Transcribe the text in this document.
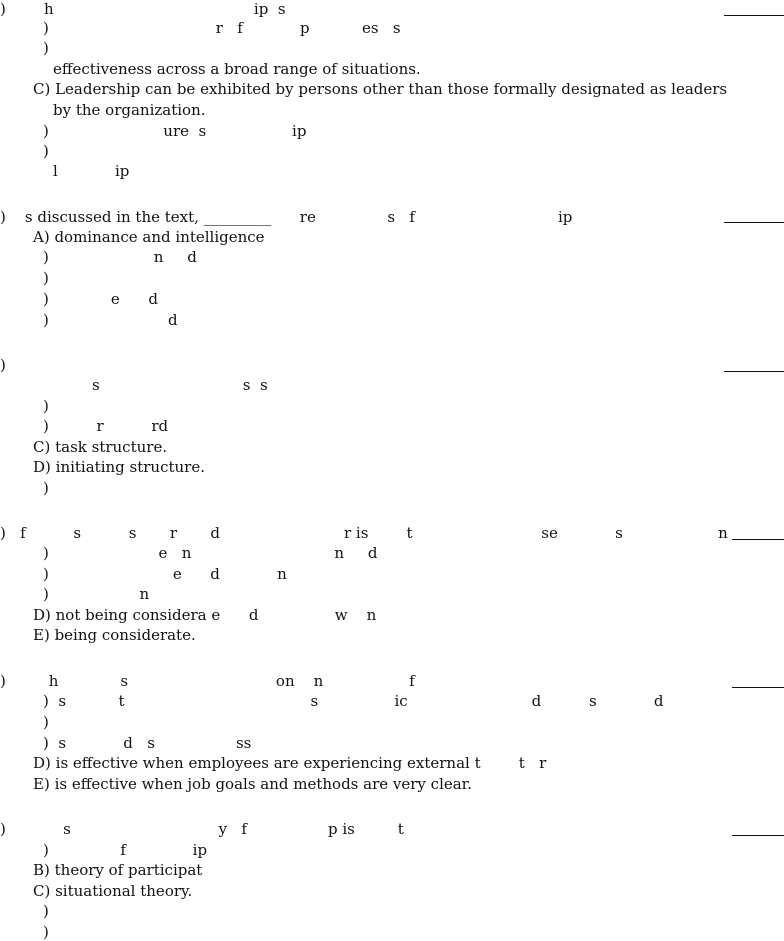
)        h                                          ip  s
)                                   r   f            p           es   s
)
effectiveness across a broad range of situations.
C) Leadership can be exhibited by persons other than those formally designated as leaders
by the organization.
)                        ure  s                  ip
)
l            ip
)    s discussed in the text, _________      re               s   f                              ip
A) dominance and intelligence
)                      n     d
)
)             e      d
)                         d
)
s                              s  s
)
)          r          rd
C) task structure.
D) initiating structure.
)
)   f          s          s       r       d                          r is        t                           se            s                    n
)                       e   n                              n     d
)                          e      d            n
)                   n
D) not being considera e      d                w    n
E) being considerate.
)         h             s                               on    n                  f
)  s           t                                       s                ic                          d          s            d
)
)  s            d   s                 ss
D) is effective when employees are experiencing external t        t   r
E) is effective when job goals and methods are very clear.
)            s                               y   f                 p is         t
)               f              ip
B) theory of participat
C) situational theory.
)
)
